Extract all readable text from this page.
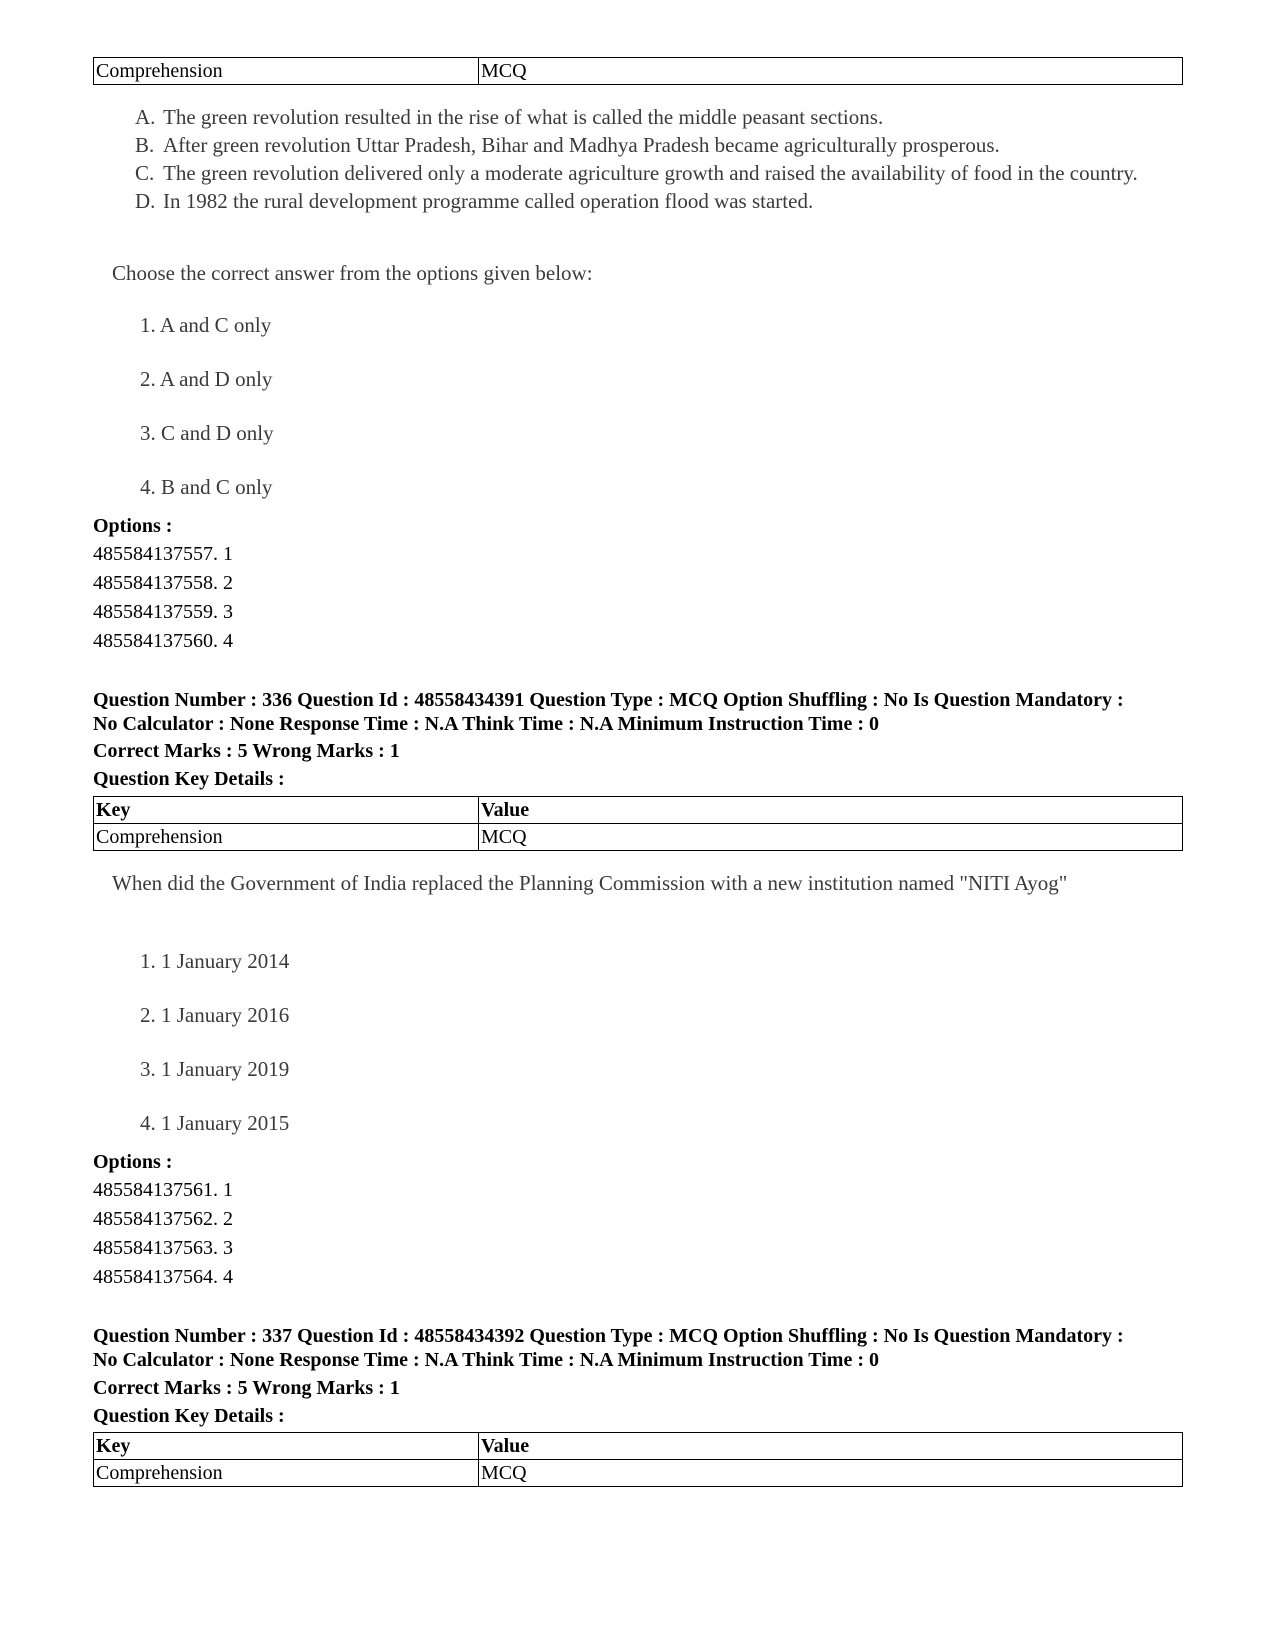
Comprehension	MCQ
A. The green revolution resulted in the rise of what is called the middle peasant sections.
B. After green revolution Uttar Pradesh, Bihar and Madhya Pradesh became agriculturally prosperous.
C. The green revolution delivered only a moderate agriculture growth and raised the availability of food in the country.
D. In 1982 the rural development programme called operation flood was started.
Choose the correct answer from the options given below:
1. A and C only
2. A and D only
3. C and D only
4. B and C only
Options :
485584137557. 1
485584137558. 2
485584137559. 3
485584137560. 4
Question Number : 336 Question Id : 48558434391 Question Type : MCQ Option Shuffling : No Is Question Mandatory :
No Calculator : None Response Time : N.A Think Time : N.A Minimum Instruction Time : 0
Correct Marks : 5 Wrong Marks : 1
Question Key Details :
Key	Value
Comprehension	MCQ
When did the Government of India replaced the Planning Commission with a new institution named "NITI Ayog"
1. 1 January 2014
2. 1 January 2016
3. 1 January 2019
4. 1 January 2015
Options :
485584137561. 1
485584137562. 2
485584137563. 3
485584137564. 4
Question Number : 337 Question Id : 48558434392 Question Type : MCQ Option Shuffling : No Is Question Mandatory :
No Calculator : None Response Time : N.A Think Time : N.A Minimum Instruction Time : 0
Correct Marks : 5 Wrong Marks : 1
Question Key Details :
Key	Value
Comprehension	MCQ
